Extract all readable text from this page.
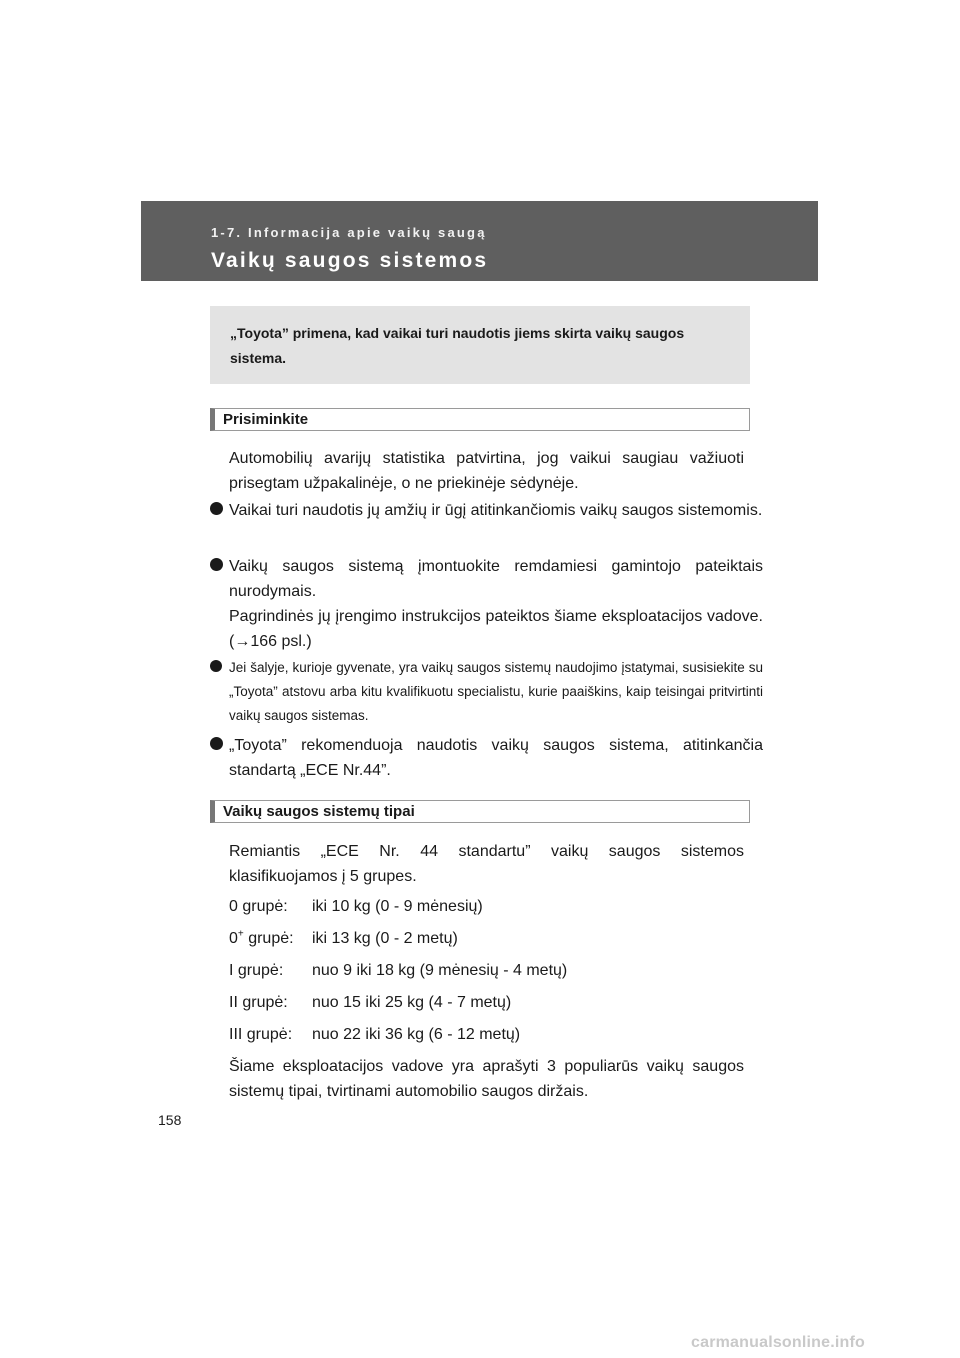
1-7. Informacija apie vaikų saugą
Vaikų saugos sistemos
„Toyota” primena, kad vaikai turi naudotis jiems skirta vaikų saugos sistema.
Prisiminkite
Automobilių avarijų statistika patvirtina, jog vaikui saugiau važiuoti prisegtam užpakalinėje, o ne priekinėje sėdynėje.
Vaikai turi naudotis jų amžių ir ūgį atitinkančiomis vaikų saugos sistemomis.
Vaikų saugos sistemą įmontuokite remdamiesi gamintojo pateiktais nurodymais.
Pagrindinės jų įrengimo instrukcijos pateiktos šiame eksploatacijos vadove. (→166 psl.)
Jei šalyje, kurioje gyvenate, yra vaikų saugos sistemų naudojimo įstatymai, susisiekite su „Toyota” atstovu arba kitu kvalifikuotu specialistu, kurie paaiškins, kaip teisingai pritvirtinti vaikų saugos sistemas.
„Toyota” rekomenduoja naudotis vaikų saugos sistema, atitinkančia standartą „ECE Nr.44”.
Vaikų saugos sistemų tipai
Remiantis „ECE Nr. 44 standartu” vaikų saugos sistemos klasifikuojamos į 5 grupes.
0 grupė: iki 10 kg (0 - 9 mėnesių)
0+ grupė: iki 13 kg (0 - 2 metų)
I grupė: nuo 9 iki 18 kg (9 mėnesių - 4 metų)
II grupė: nuo 15 iki 25 kg (4 - 7 metų)
III grupė: nuo 22 iki 36 kg (6 - 12 metų)
Šiame eksploatacijos vadove yra aprašyti 3 populiarūs vaikų saugos sistemų tipai, tvirtinami automobilio saugos diržais.
158
carmanualsonline.info
